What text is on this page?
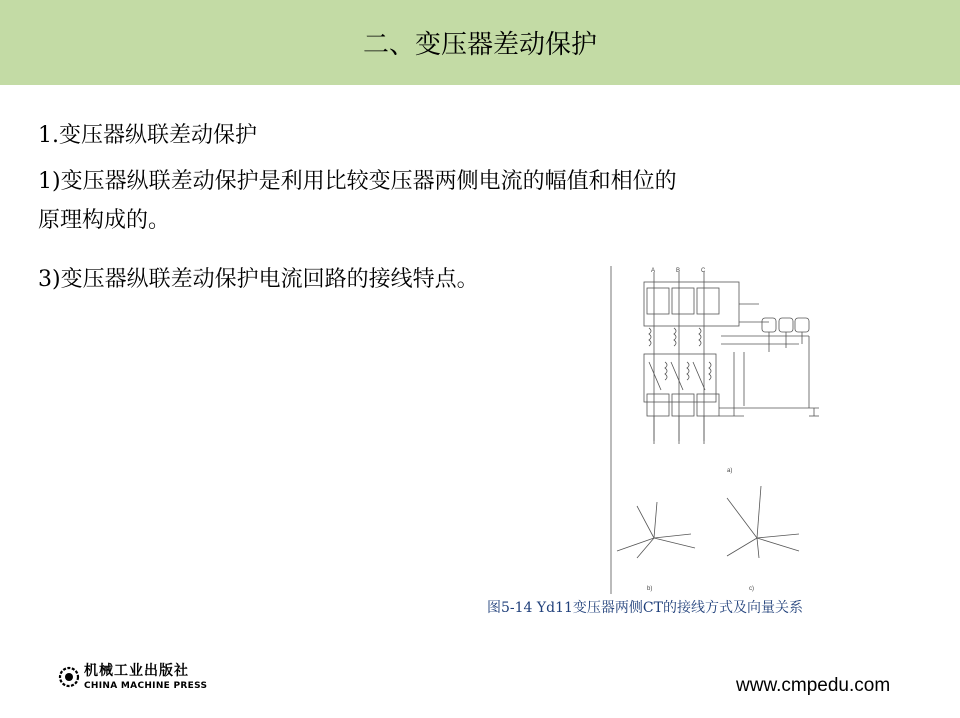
二、变压器差动保护
1.变压器纵联差动保护
1)变压器纵联差动保护是利用比较变压器两侧电流的幅值和相位的
原理构成的。
3)变压器纵联差动保护电流回路的接线特点。	A	B	C
a)
b)	c)
图5-14 Yd11变压器两侧CT的接线方式及向量关系
机械工业出版社
CHINA MACHINE PRESS	www.cmpedu.com
